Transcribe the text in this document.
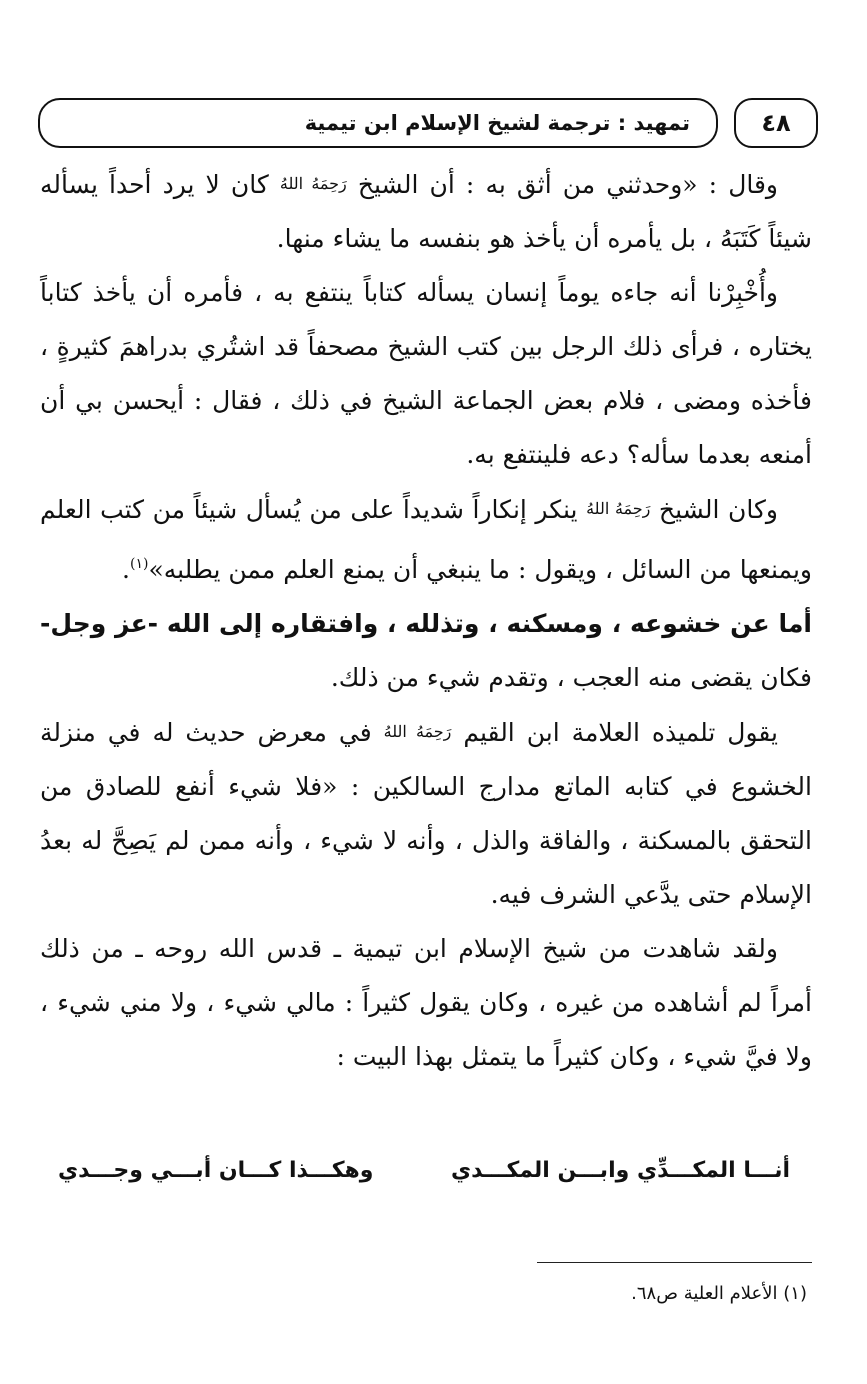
تمهيد : ترجمة لشيخ الإسلام ابن تيمية	٤٨

وقال : «وحدثني من أثق به : أن الشيخ رَحِمَهُ اللهُ كان لا يرد أحداً يسأله شيئاً كَتَبَهُ ، بل يأمره أن يأخذ هو بنفسه ما يشاء منها.

وأُخْبِرْنا أنه جاءه يوماً إنسان يسأله كتاباً ينتفع به ، فأمره أن يأخذ كتاباً يختاره ، فرأى ذلك الرجل بين كتب الشيخ مصحفاً قد اشتُري بدراهمَ كثيرةٍ ، فأخذه ومضى ، فلام بعض الجماعة الشيخ في ذلك ، فقال : أيحسن بي أن أمنعه بعدما سأله؟ دعه فلينتفع به.

وكان الشيخ رَحِمَهُ اللهُ ينكر إنكاراً شديداً على من يُسأل شيئاً من كتب العلم ويمنعها من السائل ، ويقول : ما ينبغي أن يمنع العلم ممن يطلبه»$^{(١)}$.

أما عن خشوعه ، ومسكنه ، وتذلله ، وافتقاره إلى الله -عز وجل- فكان يقضى منه العجب ، وتقدم شيء من ذلك.

يقول تلميذه العلامة ابن القيم رَحِمَهُ اللهُ في معرض حديث له في منزلة الخشوع في كتابه الماتع مدارج السالكين : «فلا شيء أنفع للصادق من التحقق بالمسكنة ، والفاقة والذل ، وأنه لا شيء ، وأنه ممن لم يَصِحَّ له بعدُ الإسلام حتى يدَّعي الشرف فيه.

ولقد شاهدت من شيخ الإسلام ابن تيمية ـ قدس الله روحه ـ من ذلك أمراً لم أشاهده من غيره ، وكان يقول كثيراً : مالي شيء ، ولا مني شيء ، ولا فيَّ شيء ، وكان كثيراً ما يتمثل بهذا البيت :

أنـــا المكـــدِّي وابـــن المكـــدي
وهكـــذا كـــان أبـــي وجـــدي
(١) الأعلام العلية ص٦٨.
